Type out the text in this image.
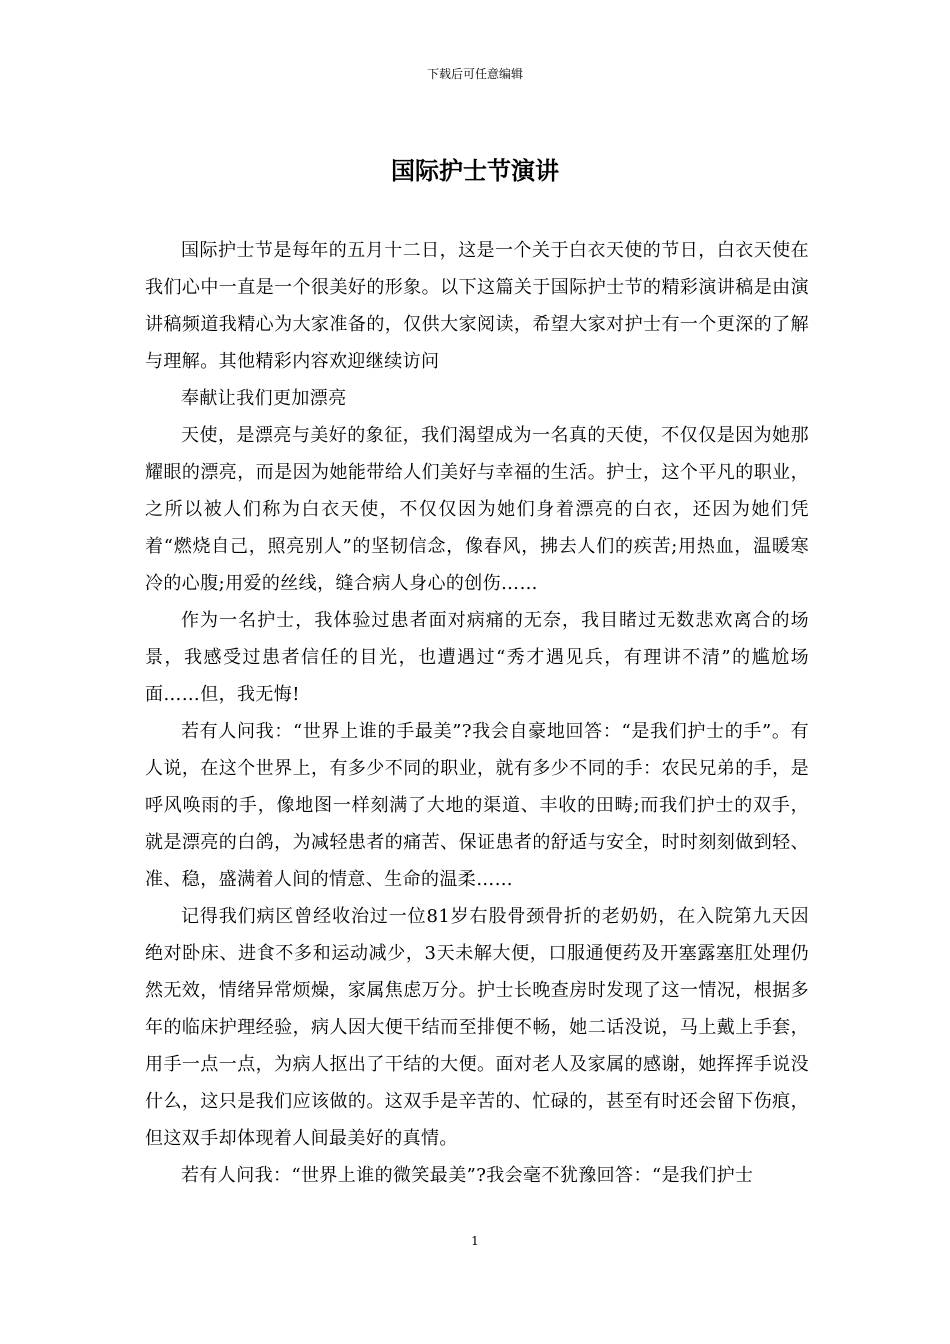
下载后可任意编辑
国际护士节演讲

国际护士节是每年的五月十二日，这是一个关于白衣天使的节日，白衣天使在我们心中一直是一个很美好的形象。以下这篇关于国际护士节的精彩演讲稿是由演讲稿频道我精心为大家准备的，仅供大家阅读，希望大家对护士有一个更深的了解与理解。其他精彩内容欢迎继续访问

奉献让我们更加漂亮

天使，是漂亮与美好的象征，我们渴望成为一名真的天使，不仅仅是因为她那耀眼的漂亮，而是因为她能带给人们美好与幸福的生活。护士，这个平凡的职业，之所以被人们称为白衣天使，不仅仅因为她们身着漂亮的白衣，还因为她们凭着“燃烧自己，照亮别人”的坚韧信念，像春风，拂去人们的疾苦;用热血，温暖寒冷的心腹;用爱的丝线，缝合病人身心的创伤……

作为一名护士，我体验过患者面对病痛的无奈，我目睹过无数悲欢离合的场景，我感受过患者信任的目光，也遭遇过“秀才遇见兵，有理讲不清”的尴尬场面……但，我无悔!

若有人问我：“世界上谁的手最美”?我会自豪地回答：“是我们护士的手”。有人说，在这个世界上，有多少不同的职业，就有多少不同的手：农民兄弟的手，是呼风唤雨的手，像地图一样刻满了大地的渠道、丰收的田畴;而我们护士的双手，就是漂亮的白鸽，为减轻患者的痛苦、保证患者的舒适与安全，时时刻刻做到轻、准、稳，盛满着人间的情意、生命的温柔……

记得我们病区曾经收治过一位81岁右股骨颈骨折的老奶奶，在入院第九天因绝对卧床、进食不多和运动减少，3天未解大便，口服通便药及开塞露塞肛处理仍然无效，情绪异常烦燥，家属焦虑万分。护士长晚查房时发现了这一情况，根据多年的临床护理经验，病人因大便干结而至排便不畅，她二话没说，马上戴上手套，用手一点一点，为病人抠出了干结的大便。面对老人及家属的感谢，她挥挥手说没什么，这只是我们应该做的。这双手是辛苦的、忙碌的，甚至有时还会留下伤痕，但这双手却体现着人间最美好的真情。

若有人问我：“世界上谁的微笑最美”?我会毫不犹豫回答：“是我们护士

1
